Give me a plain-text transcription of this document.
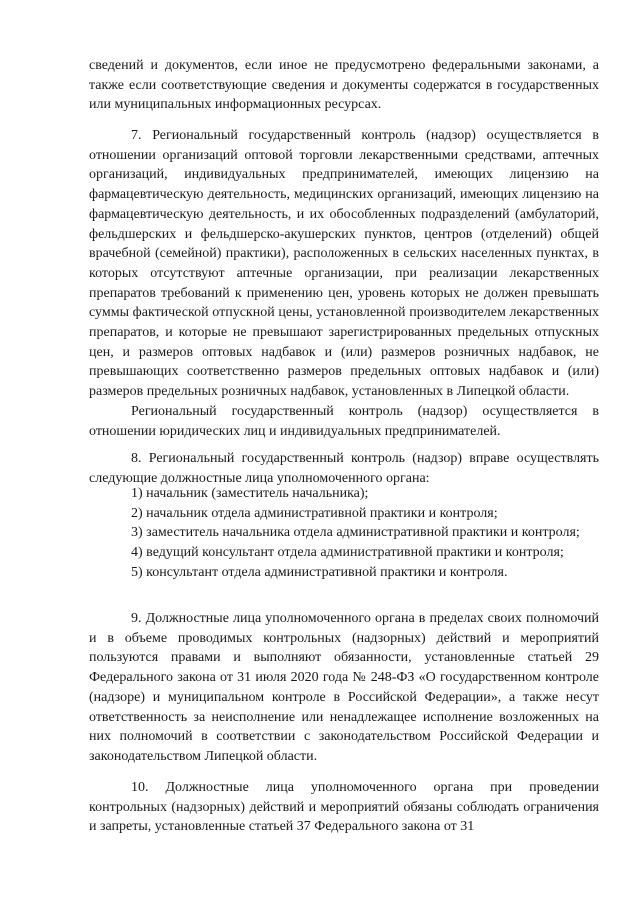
сведений и документов, если иное не предусмотрено федеральными законами, а также если соответствующие сведения и документы содержатся в государственных или муниципальных информационных ресурсах.

7. Региональный государственный контроль (надзор) осуществляется в отношении организаций оптовой торговли лекарственными средствами, аптечных организаций, индивидуальных предпринимателей, имеющих лицензию на фармацевтическую деятельность, медицинских организаций, имеющих лицензию на фармацевтическую деятельность, и их обособленных подразделений (амбулаторий, фельдшерских и фельдшерско-акушерских пунктов, центров (отделений) общей врачебной (семейной) практики), расположенных в сельских населенных пунктах, в которых отсутствуют аптечные организации, при реализации лекарственных препаратов требований к применению цен, уровень которых не должен превышать суммы фактической отпускной цены, установленной производителем лекарственных препаратов, и которые не превышают зарегистрированных предельных отпускных цен, и размеров оптовых надбавок и (или) размеров розничных надбавок, не превышающих соответственно размеров предельных оптовых надбавок и (или) размеров предельных розничных надбавок, установленных в Липецкой области.

Региональный государственный контроль (надзор) осуществляется в отношении юридических лиц и индивидуальных предпринимателей.

8. Региональный государственный контроль (надзор) вправе осуществлять следующие должностные лица уполномоченного органа:

1) начальник (заместитель начальника);

2) начальник отдела административной практики и контроля;

3) заместитель начальника отдела административной практики и контроля;

4) ведущий консультант отдела административной практики и контроля;

5) консультант отдела административной практики и контроля.

9. Должностные лица уполномоченного органа в пределах своих полномочий и в объеме проводимых контрольных (надзорных) действий и мероприятий пользуются правами и выполняют обязанности, установленные статьей 29 Федерального закона от 31 июля 2020 года № 248-ФЗ «О государственном контроле (надзоре) и муниципальном контроле в Российской Федерации», а также несут ответственность за неисполнение или ненадлежащее исполнение возложенных на них полномочий в соответствии с законодательством Российской Федерации и законодательством Липецкой области.

10. Должностные лица уполномоченного органа при проведении контрольных (надзорных) действий и мероприятий обязаны соблюдать ограничения и запреты, установленные статьей 37 Федерального закона от 31
